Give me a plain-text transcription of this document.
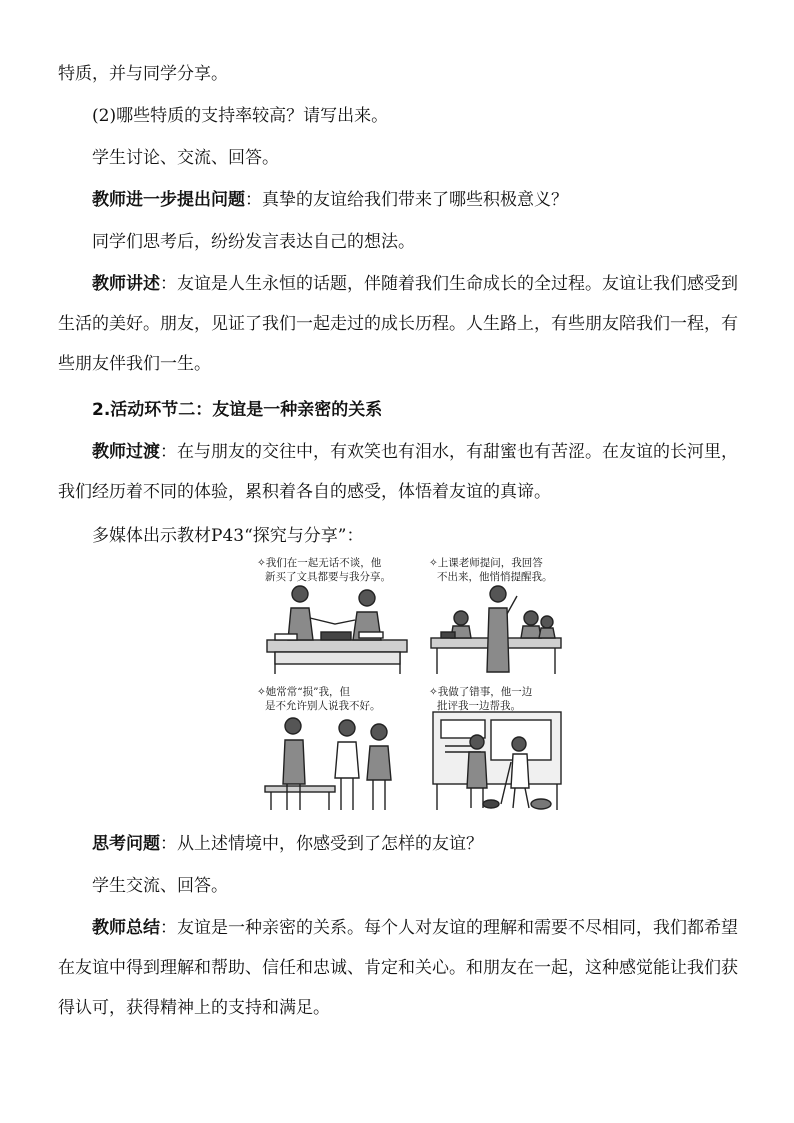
特质，并与同学分享。
(2)哪些特质的支持率较高？请写出来。
学生讨论、交流、回答。
教师进一步提出问题：真挚的友谊给我们带来了哪些积极意义？
同学们思考后，纷纷发言表达自己的想法。
教师讲述：友谊是人生永恒的话题，伴随着我们生命成长的全过程。友谊让我们感受到生活的美好。朋友，见证了我们一起走过的成长历程。人生路上，有些朋友陪我们一程，有些朋友伴我们一生。
2.活动环节二：友谊是一种亲密的关系
教师过渡：在与朋友的交往中，有欢笑也有泪水，有甜蜜也有苦涩。在友谊的长河里，我们经历着不同的体验，累积着各自的感受，体悟着友谊的真谛。
多媒体出示教材P43“探究与分享”：
✧我们在一起无话不谈，他
新买了文具都要与我分享。
✧上课老师提问，我回答
不出来，他悄悄提醒我。
✧她常常“损”我，但
是不允许别人说我不好。
✧我做了错事，他一边
批评我一边帮我。
思考问题：从上述情境中，你感受到了怎样的友谊？
学生交流、回答。
教师总结：友谊是一种亲密的关系。每个人对友谊的理解和需要不尽相同，我们都希望在友谊中得到理解和帮助、信任和忠诚、肯定和关心。和朋友在一起，这种感觉能让我们获得认可，获得精神上的支持和满足。
